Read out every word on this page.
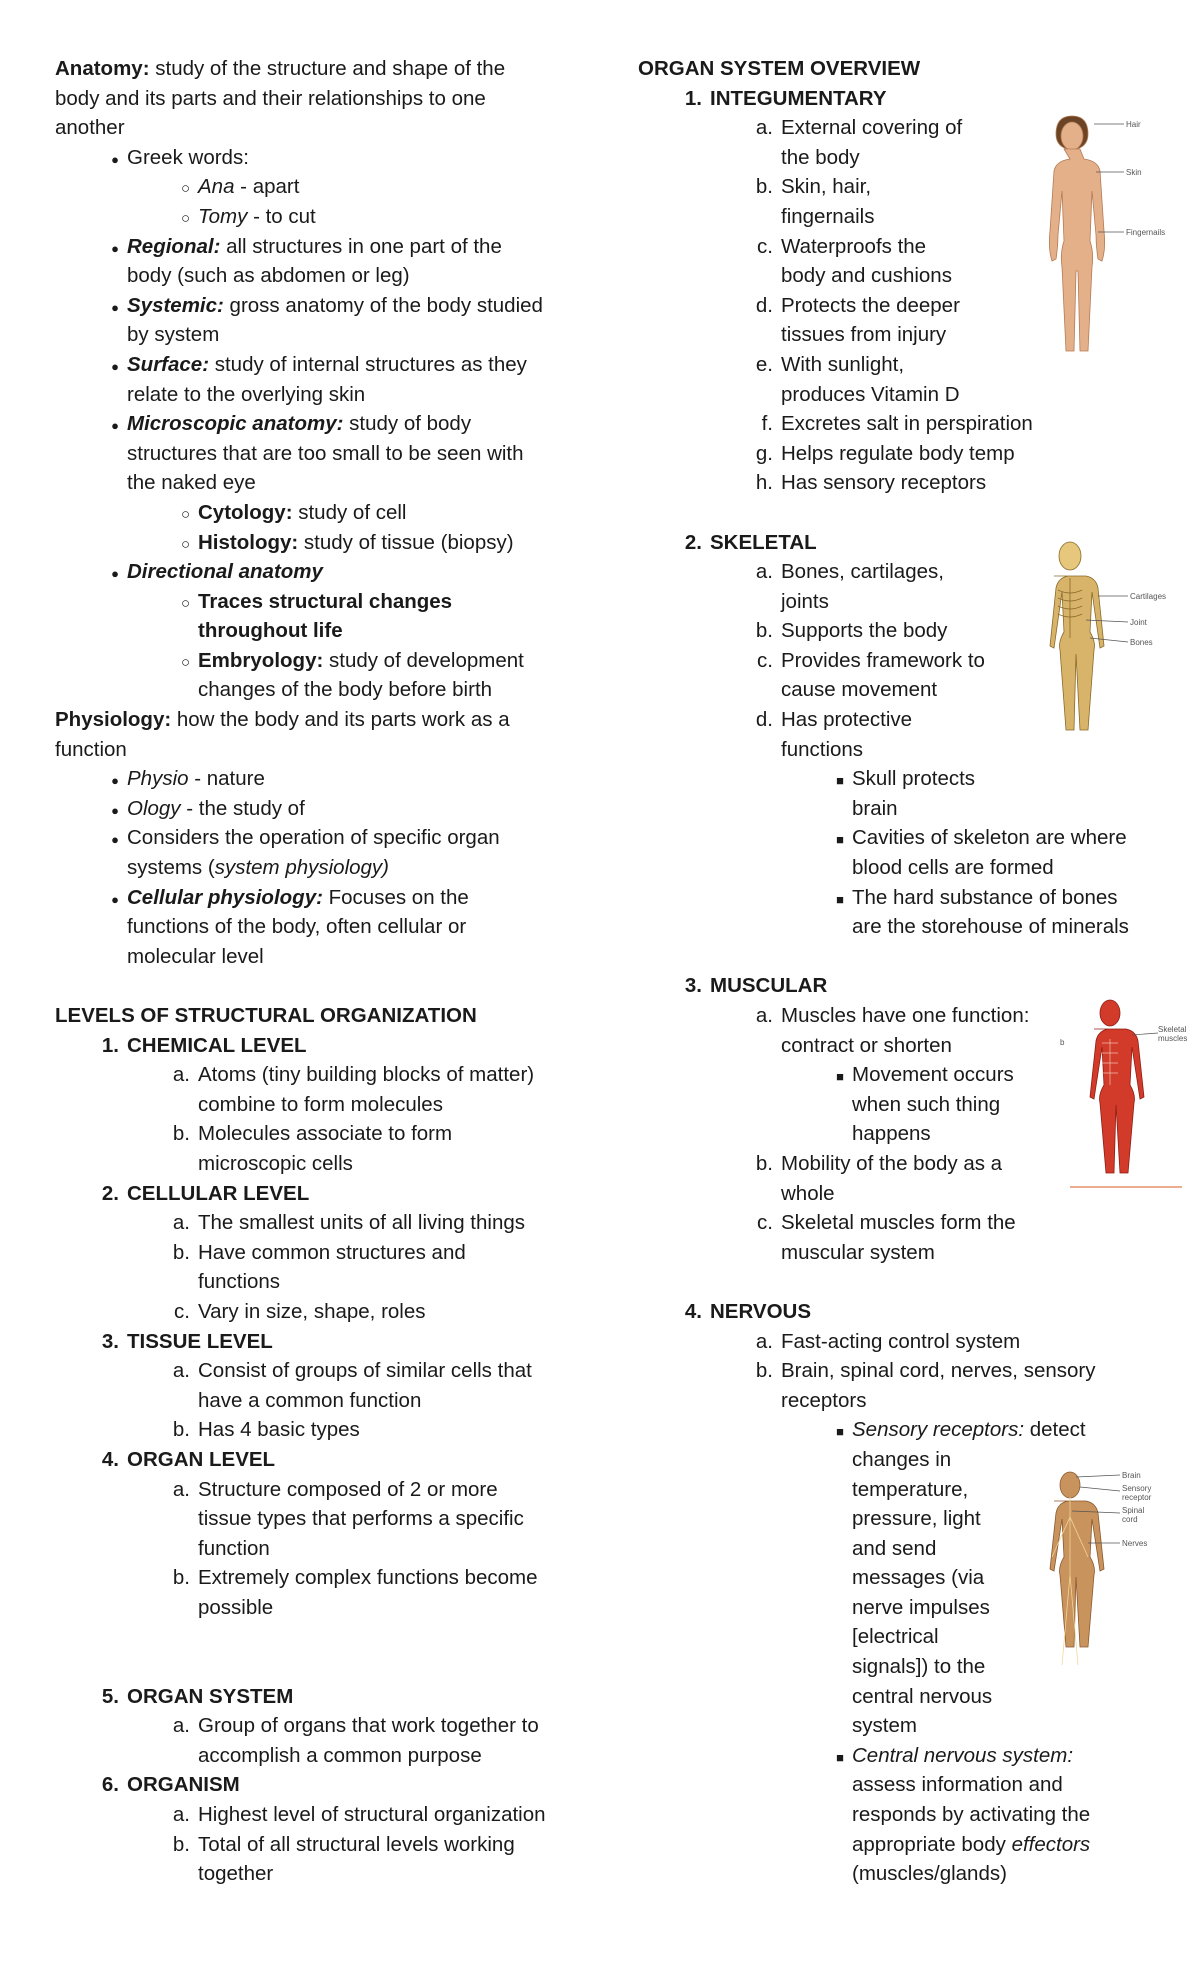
Anatomy: study of the structure and shape of the
body and its parts and their relationships to one
another
●
Greek words:
○
Ana - apart
○
Tomy - to cut
●
Regional: all structures in one part of the
body (such as abdomen or leg)
●
Systemic: gross anatomy of the body studied
by system
●
Surface: study of internal structures as they
relate to the overlying skin
●
Microscopic anatomy: study of body
structures that are too small to be seen with
the naked eye
○
Cytology: study of cell
○
Histology: study of tissue (biopsy)
●
Directional anatomy
○
Traces structural changes
throughout life
○
Embryology: study of development
changes of the body before birth
Physiology: how the body and its parts work as a
function
●
Physio - nature
●
Ology - the study of
●
Considers the operation of specific organ
systems (system physiology)
●
Cellular physiology: Focuses on the
functions of the body, often cellular or
molecular level
LEVELS OF STRUCTURAL ORGANIZATION
1. CHEMICAL LEVEL
a. Atoms (tiny building blocks of matter)
combine to form molecules
b. Molecules associate to form
microscopic cells
2. CELLULAR LEVEL
a. The smallest units of all living things
b. Have common structures and
functions
c. Vary in size, shape, roles
3. TISSUE LEVEL
a. Consist of groups of similar cells that
have a common function
b. Has 4 basic types
4. ORGAN LEVEL
a. Structure composed of 2 or more
tissue types that performs a specific
function
b. Extremely complex functions become
possible
5. ORGAN SYSTEM
a. Group of organs that work together to
accomplish a common purpose
6. ORGANISM
a. Highest level of structural organization
b. Total of all structural levels working
together
ORGAN SYSTEM OVERVIEW
1. INTEGUMENTARY
a. External covering of
the body
b. Skin, hair,
fingernails
c. Waterproofs the
body and cushions
d. Protects the deeper
tissues from injury
e. With sunlight,
produces Vitamin D
f. Excretes salt in perspiration
g. Helps regulate body temp
h. Has sensory receptors
Hair
Skin
Fingernails
2. SKELETAL
a. Bones, cartilages,
joints
b. Supports the body
c. Provides framework to
cause movement
d. Has protective
functions
■
Skull protects
brain
■
Cavities of skeleton are where
blood cells are formed
■
The hard substance of bones
are the storehouse of minerals
Cartilages
Joint
Bones
3. MUSCULAR
a. Muscles have one function:
contract or shorten
■
Movement occurs
when such thing
happens
b. Mobility of the body as a
whole
c. Skeletal muscles form the
muscular system
b
Skeletal
muscles
4. NERVOUS
a. Fast-acting control system
b. Brain, spinal cord, nerves, sensory
receptors
■
Sensory receptors: detect
changes in
temperature,
pressure, light
and send
messages (via
nerve impulses
[electrical
signals]) to the
central nervous
system
■
Central nervous system:
assess information and
responds by activating the
appropriate body effectors
(muscles/glands)
Brain
Sensory
receptor
Spinal
cord
Nerves
